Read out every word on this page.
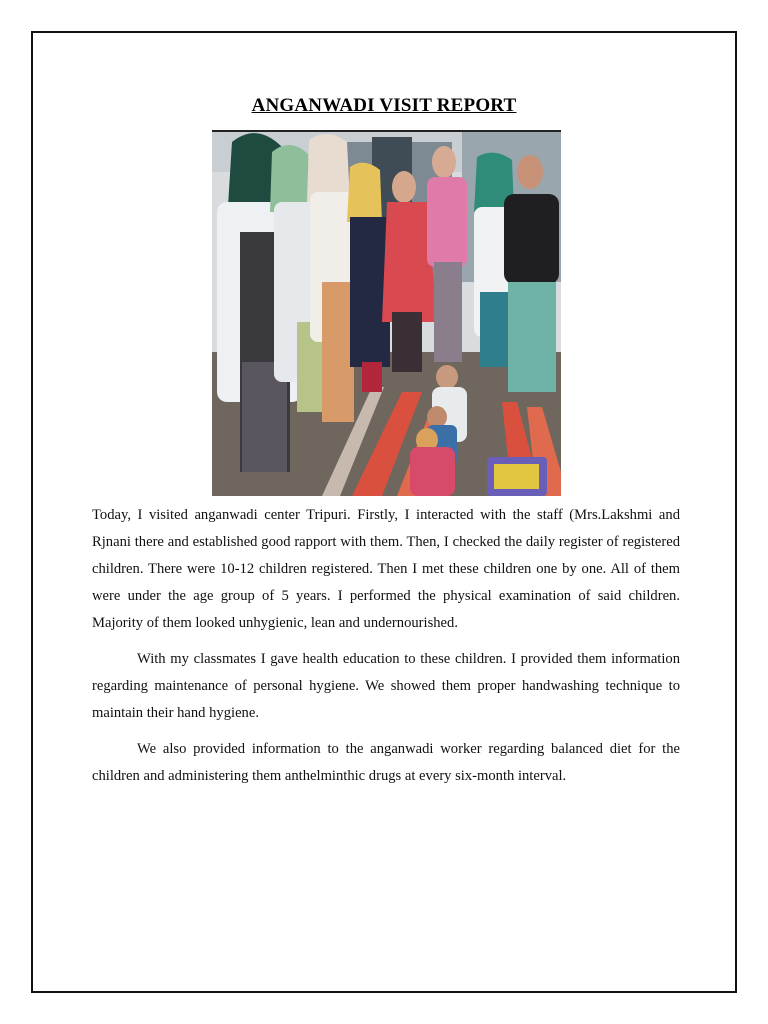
ANGANWADI VISIT REPORT

Today, I visited anganwadi center Tripuri. Firstly, I interacted with the staff (Mrs.Lakshmi and Rjnani there and established good rapport with them. Then, I checked the daily register of registered children. There were 10-12 children registered. Then I met these children one by one. All of them were under the age group of 5 years. I performed the physical examination of said children. Majority of them looked unhygienic, lean and undernourished.

With my classmates I gave health education to these children. I provided them information regarding maintenance of personal hygiene. We showed them proper handwashing technique to maintain their hand hygiene.

We also provided information to the anganwadi worker regarding balanced diet for the children and administering them anthelminthic drugs at every six-month interval.
